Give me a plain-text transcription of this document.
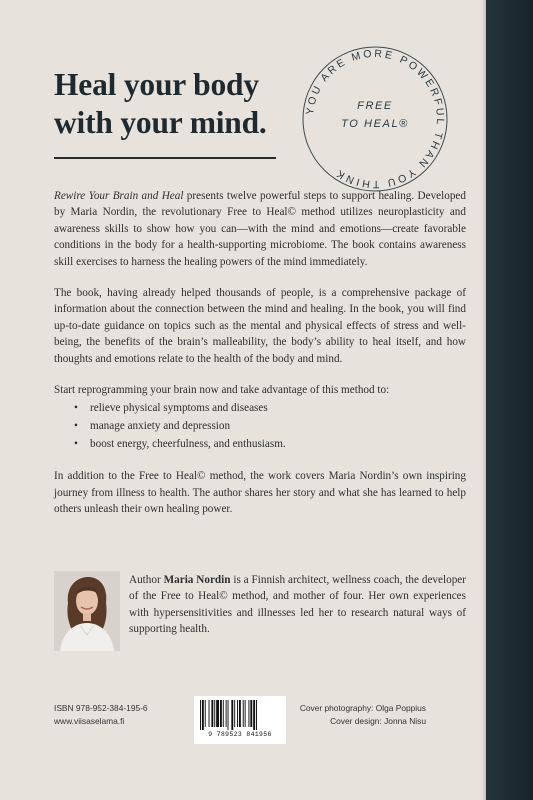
Heal your body
with your mind.	YOU ARE MORE POWERFUL THAN YOU THINK
FREE
TO HEAL®

Rewire Your Brain and Heal presents twelve powerful steps to support healing. Developed by Maria Nordin, the revolutionary Free to Heal© method utilizes neuroplasticity and awareness skills to show how you can—with the mind and emotions—create favorable conditions in the body for a health-supporting microbiome. The book contains awareness skill exercises to harness the healing powers of the mind immediately.

The book, having already helped thousands of people, is a comprehensive package of information about the connection between the mind and healing. In the book, you will find up-to-date guidance on topics such as the mental and physical effects of stress and well-being, the benefits of the brain’s malleability, the body’s ability to heal itself, and how thoughts and emotions relate to the health of the body and mind.

Start reprogramming your brain now and take advantage of this method to:

• relieve physical symptoms and diseases
• manage anxiety and depression
• boost energy, cheerfulness, and enthusiasm.

In addition to the Free to Heal© method, the work covers Maria Nordin’s own inspiring journey from illness to health. The author shares her story and what she has learned to help others unleash their own healing power.

Author Maria Nordin is a Finnish architect, wellness coach, the developer of the Free to Heal© method, and mother of four. Her own experiences with hypersensitivities and illnesses led her to research natural ways of supporting health.

ISBN 978-952-384-195-6
www.viisaselama.fi
9 789523 841956
Cover photography: Olga Poppius
Cover design: Jonna Nisu
